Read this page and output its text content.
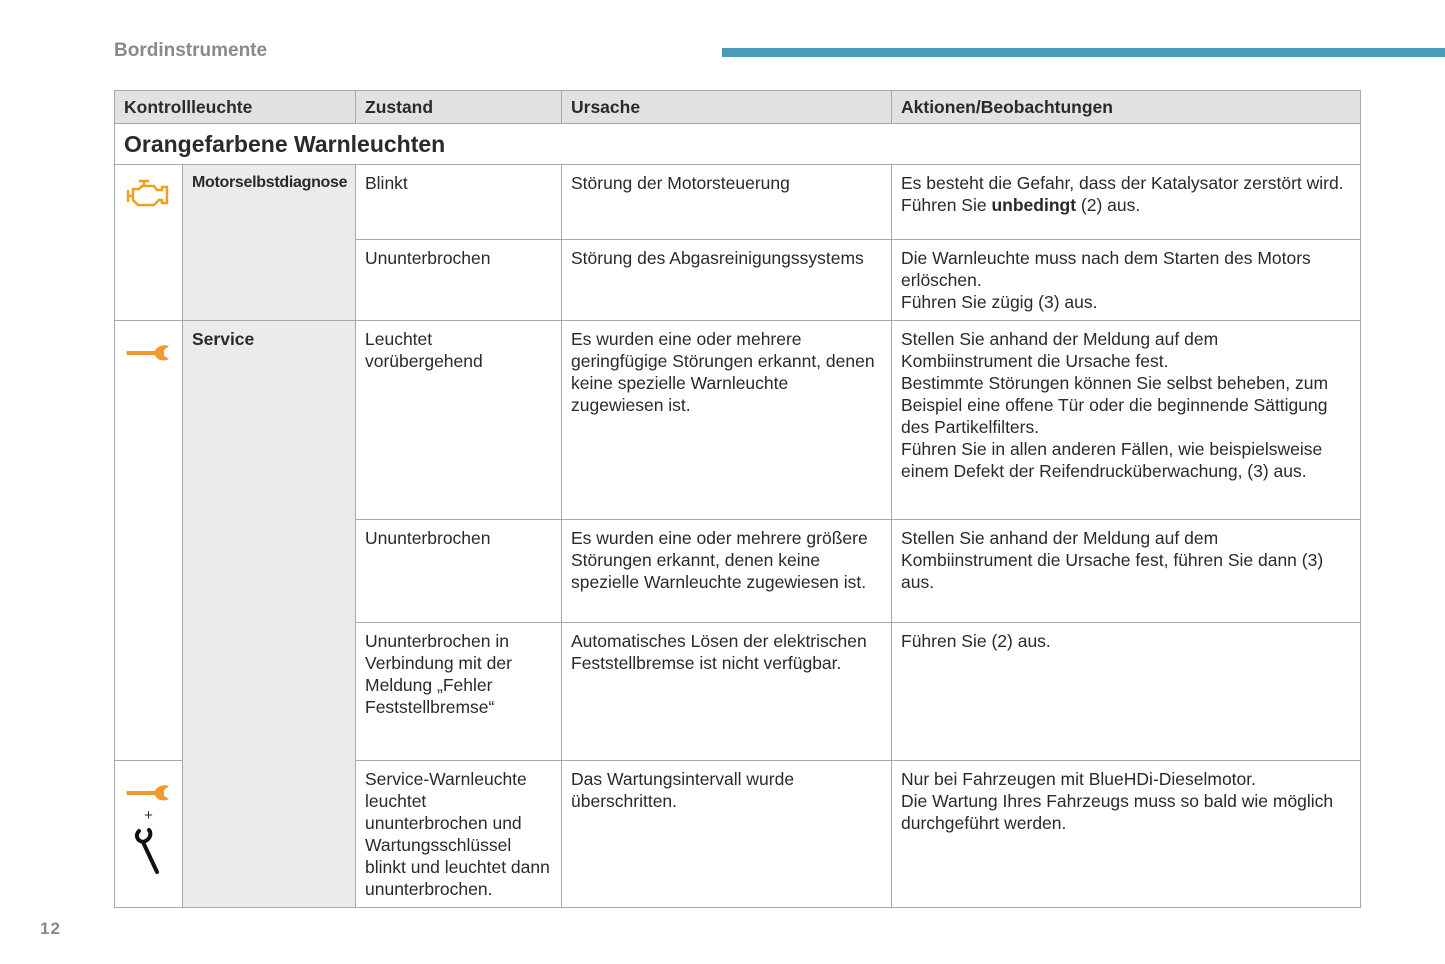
Bordinstrumente
Kontrollleuchte		Zustand	Ursache	Aktionen/Beobachtungen
Orangefarbene Warnleuchten				
	Motorselbstdiagnose	Blinkt	Störung der Motorsteuerung	Es besteht die Gefahr, dass der Katalysator zerstört wird.
Führen Sie unbedingt (2) aus.
		Ununterbrochen	Störung des Abgasreinigungssystems	Die Warnleuchte muss nach dem Starten des Motors erlöschen.
Führen Sie zügig (3) aus.
	Service	Leuchtet vorübergehend	Es wurden eine oder mehrere geringfügige Störungen erkannt, denen keine spezielle Warnleuchte zugewiesen ist.	Stellen Sie anhand der Meldung auf dem Kombiinstrument die Ursache fest.
Bestimmte Störungen können Sie selbst beheben, zum Beispiel eine offene Tür oder die beginnende Sättigung des Partikelfilters.
Führen Sie in allen anderen Fällen, wie beispielsweise einem Defekt der Reifendrucküberwachung, (3) aus.
		Ununterbrochen	Es wurden eine oder mehrere größere Störungen erkannt, denen keine spezielle Warnleuchte zugewiesen ist.	Stellen Sie anhand der Meldung auf dem Kombiinstrument die Ursache fest, führen Sie dann (3) aus.
		Ununterbrochen in Verbindung mit der Meldung „Fehler Feststellbremse“	Automatisches Lösen der elektrischen Feststellbremse ist nicht verfügbar.	Führen Sie (2) aus.

+		Service-Warnleuchte leuchtet ununterbrochen und Wartungsschlüssel blinkt und leuchtet dann ununterbrochen.	Das Wartungsintervall wurde überschritten.	Nur bei Fahrzeugen mit BlueHDi-Dieselmotor.
Die Wartung Ihres Fahrzeugs muss so bald wie möglich durchgeführt werden.
12
